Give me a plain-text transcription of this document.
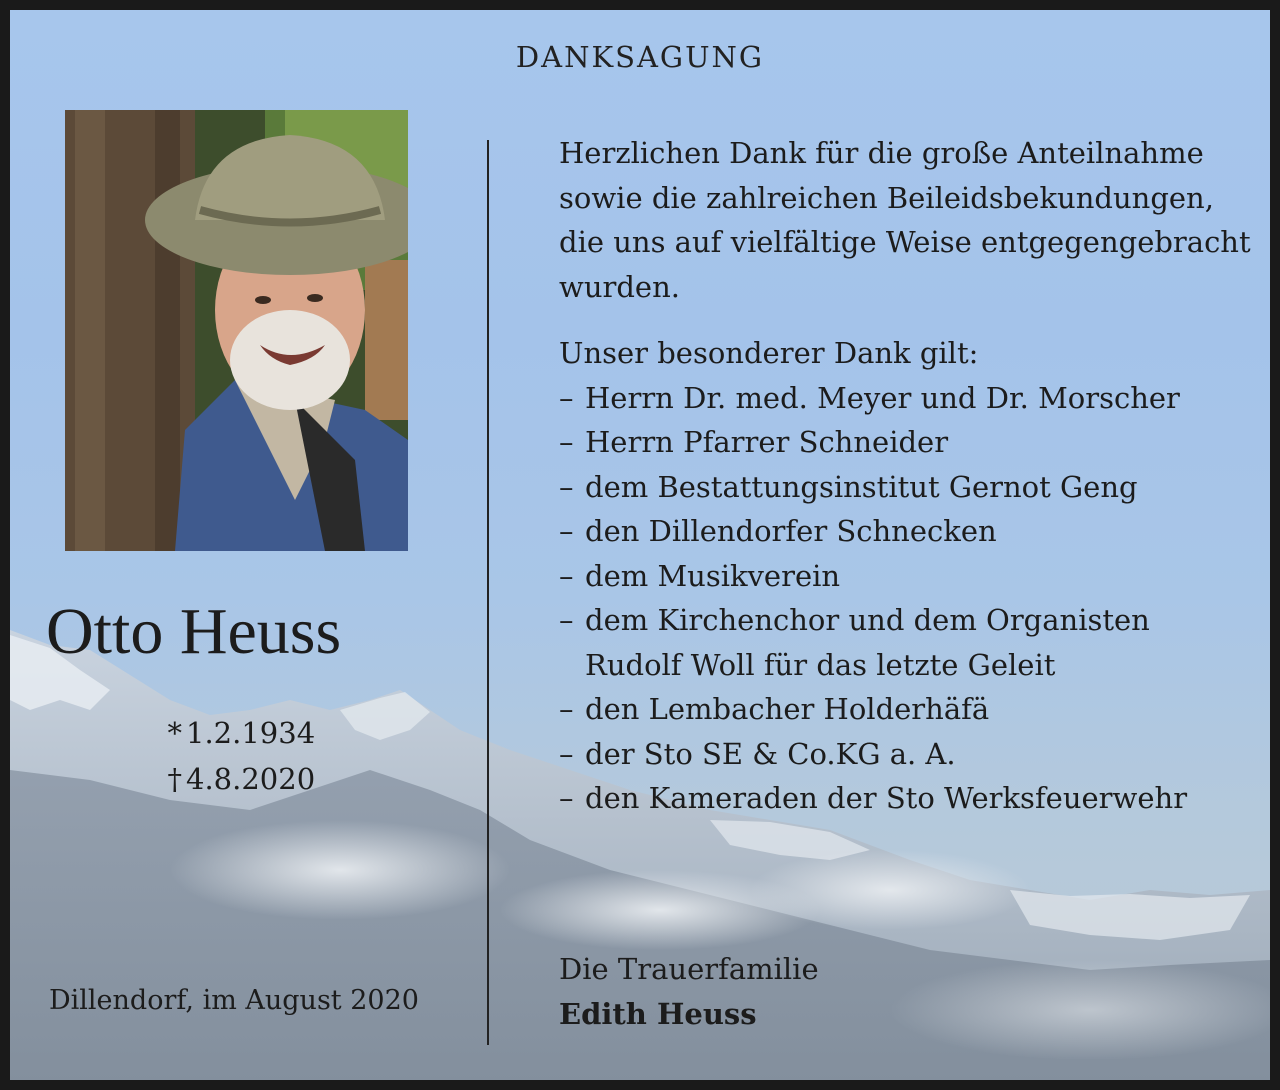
DANKSAGUNG
Otto Heuss
* 1.2.1934
† 4.8.2020
Dillendorf, im August 2020

Herzlichen Dank für die große Anteilnahme

sowie die zahlreichen Beileidsbekundungen,

die uns auf vielfältige Weise entgegengebracht

wurden.

Unser besonderer Dank gilt:

– Herrn Dr. med. Meyer und Dr. Morscher
– Herrn Pfarrer Schneider
– dem Bestattungsinstitut Gernot Geng
– den Dillendorfer Schnecken
– dem Musikverein
– dem Kirchenchor und dem Organisten
Rudolf Woll für das letzte Geleit
– den Lembacher Holderhäfä
– der Sto SE & Co.KG a. A.
– den Kameraden der Sto Werksfeuerwehr
Die Trauerfamilie
Edith Heuss
